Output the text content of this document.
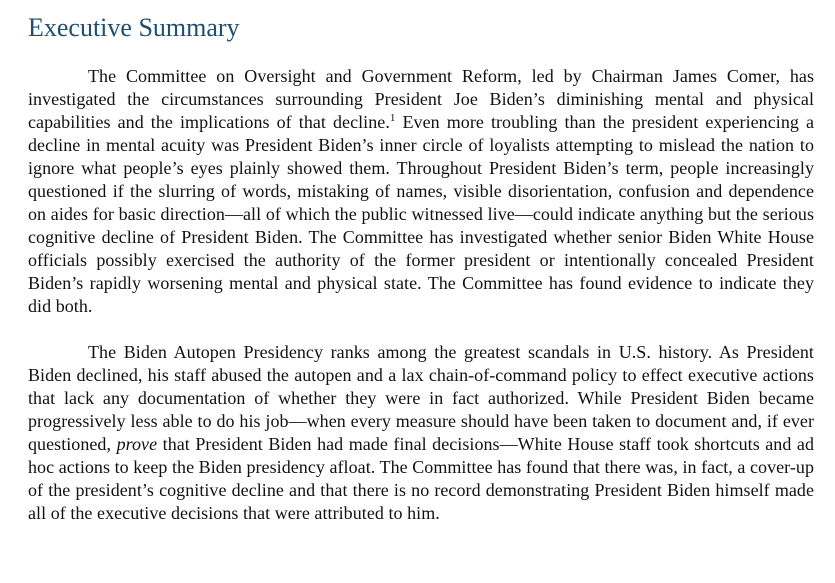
Executive Summary

The Committee on Oversight and Government Reform, led by Chairman James Comer, has investigated the circumstances surrounding President Joe Biden’s diminishing mental and physical capabilities and the implications of that decline.$^1$ Even more troubling than the president experiencing a decline in mental acuity was President Biden’s inner circle of loyalists attempting to mislead the nation to ignore what people’s eyes plainly showed them. Throughout President Biden’s term, people increasingly questioned if the slurring of words, mistaking of names, visible disorientation, confusion and dependence on aides for basic direction—all of which the public witnessed live—could indicate anything but the serious cognitive decline of President Biden. The Committee has investigated whether senior Biden White House officials possibly exercised the authority of the former president or intentionally concealed President Biden’s rapidly worsening mental and physical state. The Committee has found evidence to indicate they did both.

The Biden Autopen Presidency ranks among the greatest scandals in U.S. history. As President Biden declined, his staff abused the autopen and a lax chain-of-command policy to effect executive actions that lack any documentation of whether they were in fact authorized. While President Biden became progressively less able to do his job—when every measure should have been taken to document and, if ever questioned, prove that President Biden had made final decisions—White House staff took shortcuts and ad hoc actions to keep the Biden presidency afloat. The Committee has found that there was, in fact, a cover-up of the president’s cognitive decline and that there is no record demonstrating President Biden himself made all of the executive decisions that were attributed to him.
